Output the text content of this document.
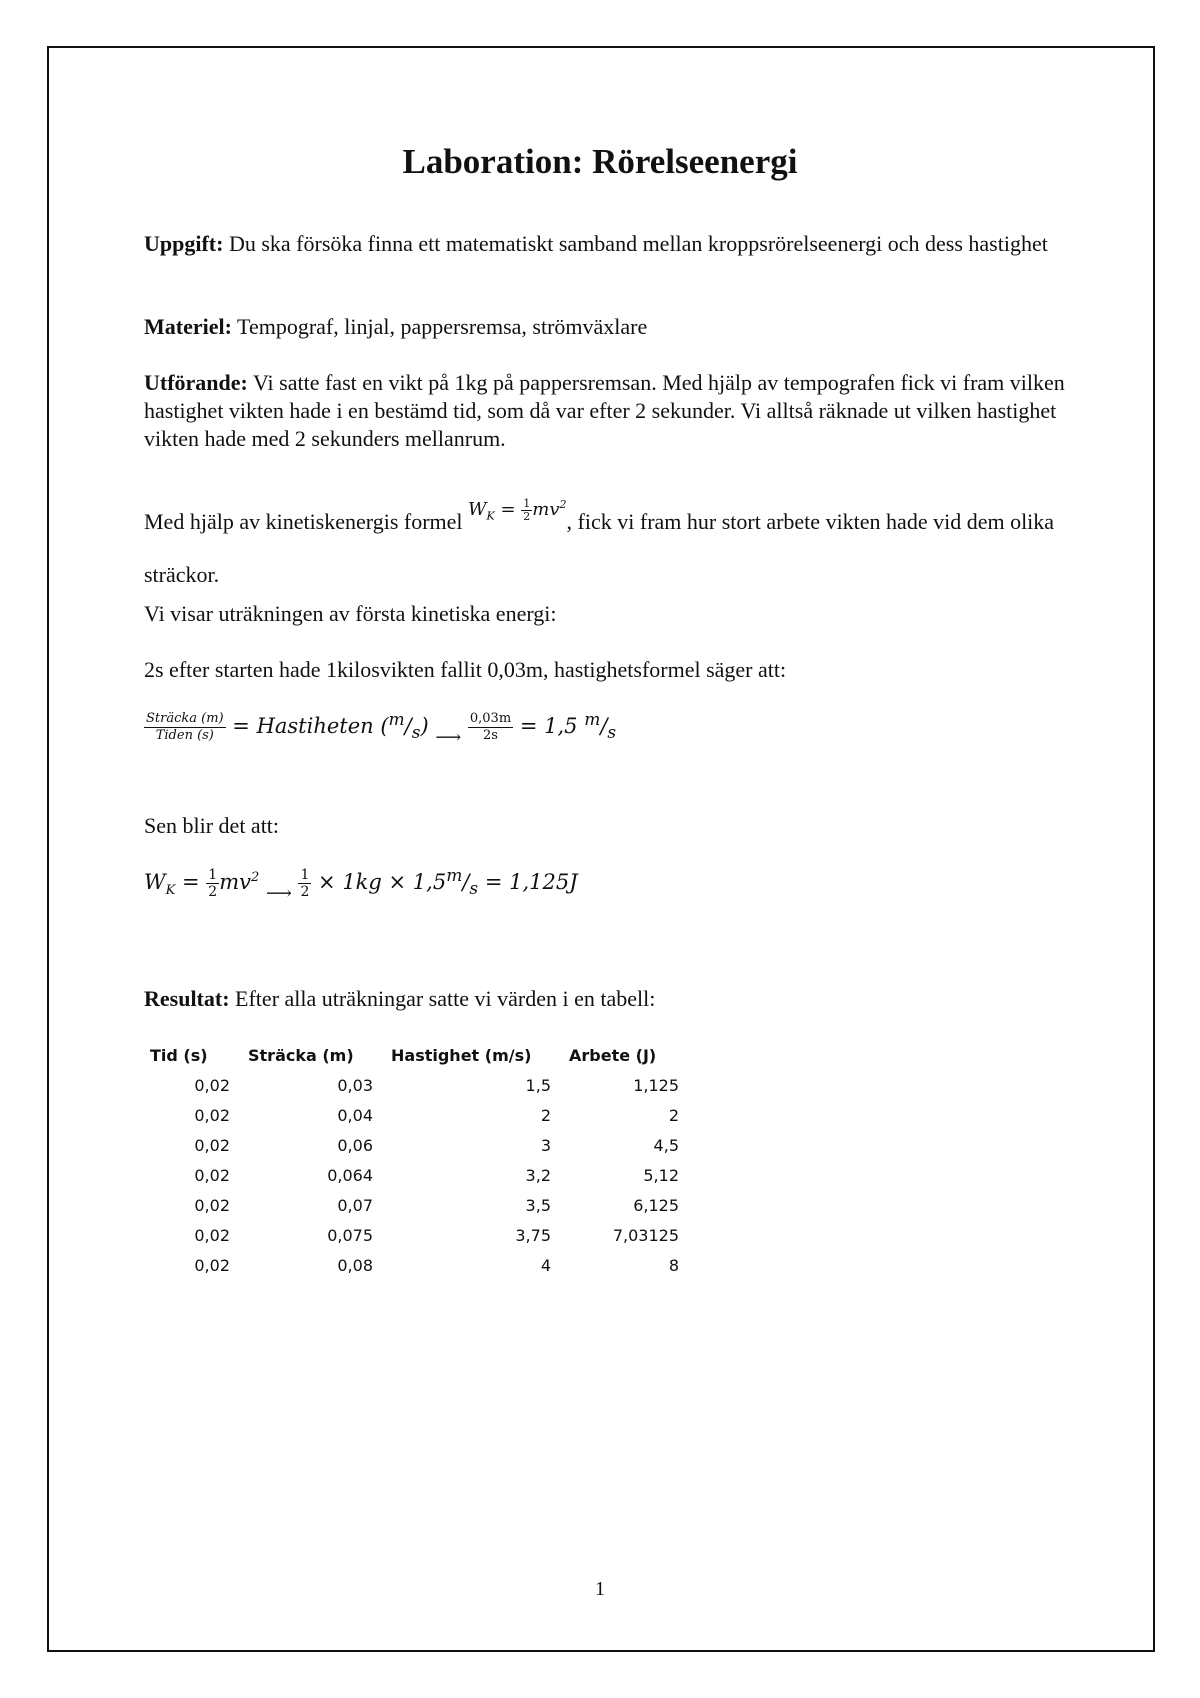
Laboration: Rörelseenergi

Uppgift: Du ska försöka finna ett matematiskt samband mellan kroppsrörelseenergi och dess hastighet

Materiel: Tempograf, linjal, pappersremsa, strömväxlare

Utförande: Vi satte fast en vikt på 1kg på pappersremsan. Med hjälp av tempografen fick vi fram vilken hastighet vikten hade i en bestämd tid, som då var efter 2 sekunder. Vi alltså räknade ut vilken hastighet vikten hade med 2 sekunders mellanrum.

Med hjälp av kinetiskenergis formel $W_K = \frac{1}{2} mv^2$, fick vi fram hur stort arbete vikten hade vid dem olika sträckor.

Vi visar uträkningen av första kinetiska energi:

2s efter starten hade 1kilosvikten fallit 0,03m, hastighetsformel säger att:

$\frac{\text{Sträcka (m)}}{\text{Tiden (s)}}$ = Hastiheten $(^m/_s)$ ⟶ $\frac{0,03m}{2s} = 1,5$ $^m/_s$

Sen blir det att:

$W_K = \frac{1}{2} mv^2$ ⟶ $\frac{1}{2} \times 1kg \times 1,5^m/_s = 1,125J$

Resultat: Efter alla uträkningar satte vi värden i en tabell:

Tid (s)	Sträcka (m)	Hastighet (m/s)	Arbete (J)
0,02	0,03	1,5	1,125
0,02	0,04	2	2
0,02	0,06	3	4,5
0,02	0,064	3,2	5,12
0,02	0,07	3,5	6,125
0,02	0,075	3,75	7,03125
0,02	0,08	4	8
1
